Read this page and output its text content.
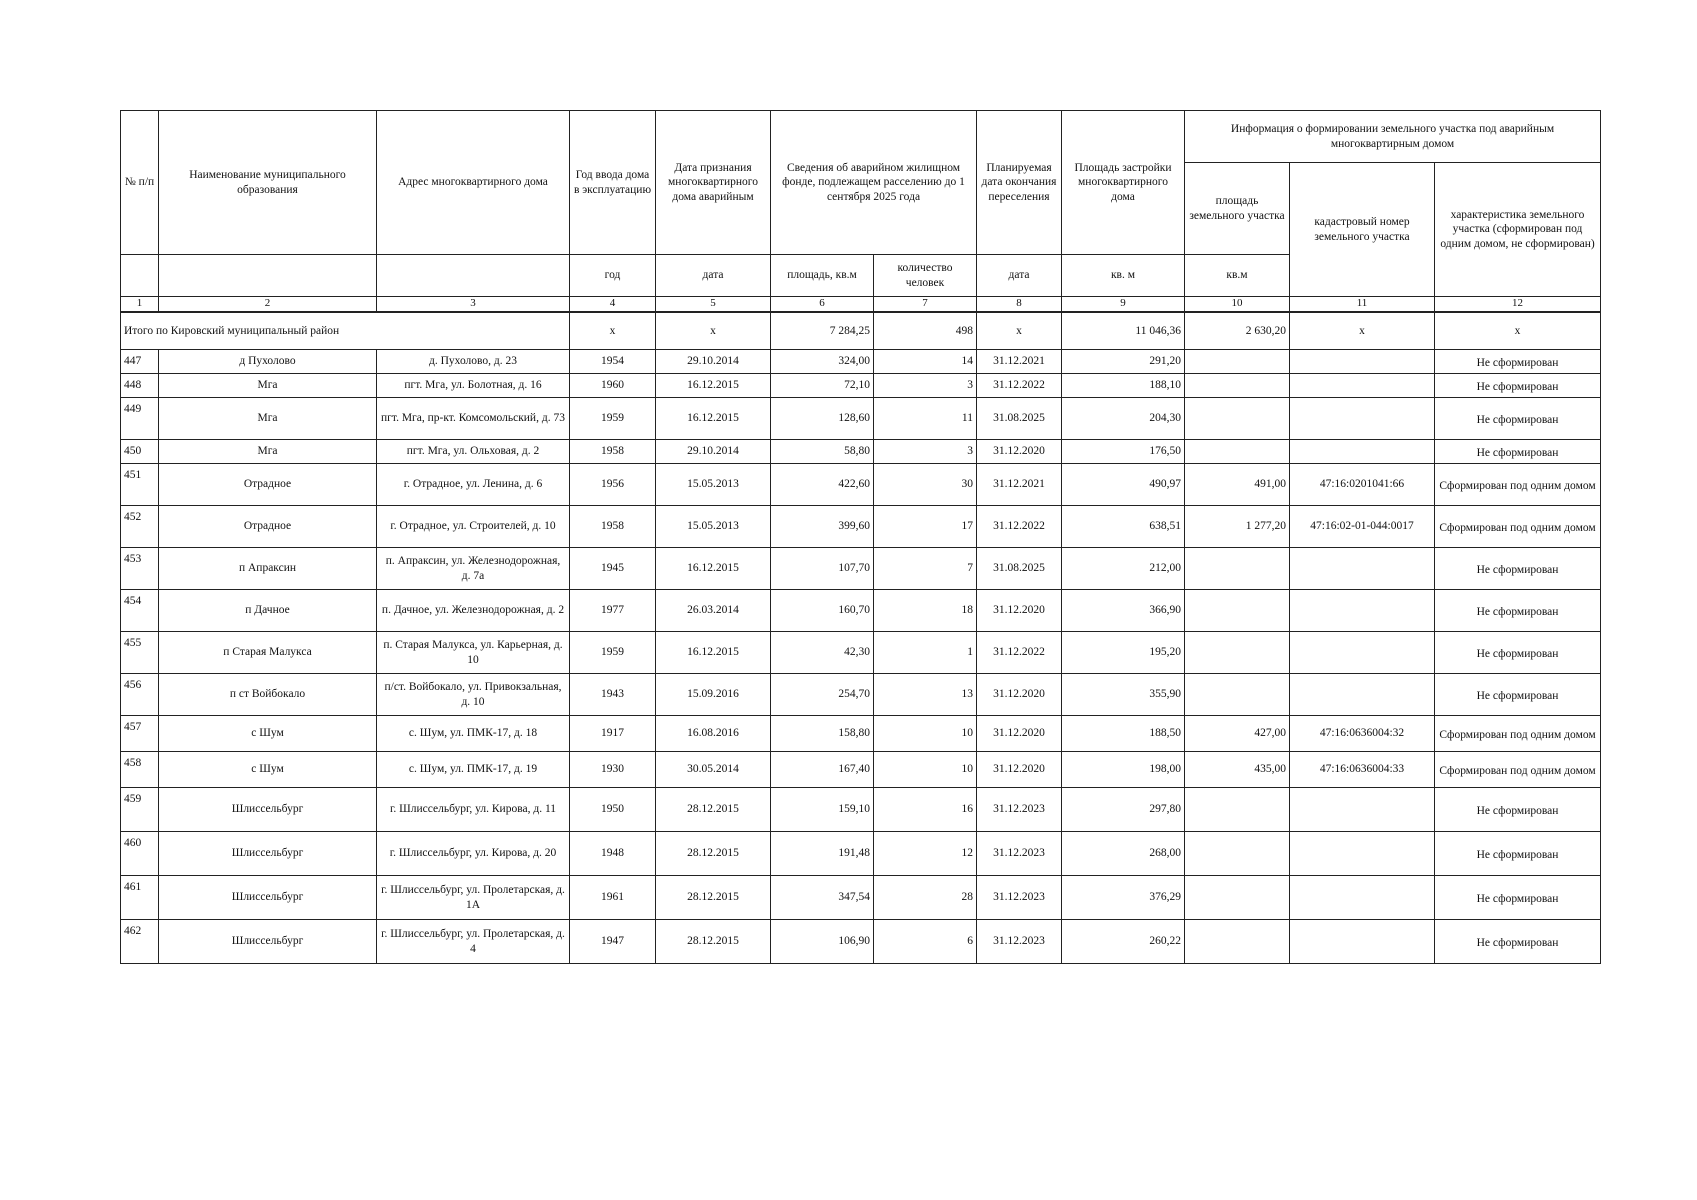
№ п/п	Наименование муниципального образования	Адрес многоквартирного дома	Год ввода дома в эксплуатацию	Дата признания многоквартирного дома аварийным	Сведения об аварийном жилищном фонде, подлежащем расселению до 1 сентября 2025 года		Планируемая дата окончания переселения	Площадь застройки многоквартирного дома	Информация о формировании земельного участка под аварийным многоквартирным домом		
									площадь земельного участка	кадастровый номер земельного участка	характеристика земельного участка (сформирован под одним домом, не сформирован)
			год	дата	площадь, кв.м	количество человек	дата	кв. м	кв.м		
1	2	3	4	5	6	7	8	9	10	11	12
Итого по Кировский муниципальный район			x	x	7 284,25	498	x	11 046,36	2 630,20	x	x
447	д Пухолово	д. Пухолово, д. 23	1954	29.10.2014	324,00	14	31.12.2021	291,20			Не сформирован
448	Мга	пгт. Мга, ул. Болотная, д. 16	1960	16.12.2015	72,10	3	31.12.2022	188,10			Не сформирован
449	Мга	пгт. Мга, пр-кт. Комсомольский, д. 73	1959	16.12.2015	128,60	11	31.08.2025	204,30			Не сформирован
450	Мга	пгт. Мга, ул. Ольховая, д. 2	1958	29.10.2014	58,80	3	31.12.2020	176,50			Не сформирован
451	Отрадное	г. Отрадное, ул. Ленина, д. 6	1956	15.05.2013	422,60	30	31.12.2021	490,97	491,00	47:16:0201041:66	Сформирован под одним домом
452	Отрадное	г. Отрадное, ул. Строителей, д. 10	1958	15.05.2013	399,60	17	31.12.2022	638,51	1 277,20	47:16:02-01-044:0017	Сформирован под одним домом
453	п Апраксин	п. Апраксин, ул. Железнодорожная, д. 7а	1945	16.12.2015	107,70	7	31.08.2025	212,00			Не сформирован
454	п Дачное	п. Дачное, ул. Железнодорожная, д. 2	1977	26.03.2014	160,70	18	31.12.2020	366,90			Не сформирован
455	п Старая Малукса	п. Старая Малукса, ул. Карьерная, д. 10	1959	16.12.2015	42,30	1	31.12.2022	195,20			Не сформирован
456	п ст Войбокало	п/ст. Войбокало, ул. Привокзальная, д. 10	1943	15.09.2016	254,70	13	31.12.2020	355,90			Не сформирован
457	с Шум	с. Шум, ул. ПМК-17, д. 18	1917	16.08.2016	158,80	10	31.12.2020	188,50	427,00	47:16:0636004:32	Сформирован под одним домом
458	с Шум	с. Шум, ул. ПМК-17, д. 19	1930	30.05.2014	167,40	10	31.12.2020	198,00	435,00	47:16:0636004:33	Сформирован под одним домом
459	Шлиссельбург	г. Шлиссельбург, ул. Кирова, д. 11	1950	28.12.2015	159,10	16	31.12.2023	297,80			Не сформирован
460	Шлиссельбург	г. Шлиссельбург, ул. Кирова, д. 20	1948	28.12.2015	191,48	12	31.12.2023	268,00			Не сформирован
461	Шлиссельбург	г. Шлиссельбург, ул. Пролетарская, д. 1А	1961	28.12.2015	347,54	28	31.12.2023	376,29			Не сформирован
462	Шлиссельбург	г. Шлиссельбург, ул. Пролетарская, д. 4	1947	28.12.2015	106,90	6	31.12.2023	260,22			Не сформирован
